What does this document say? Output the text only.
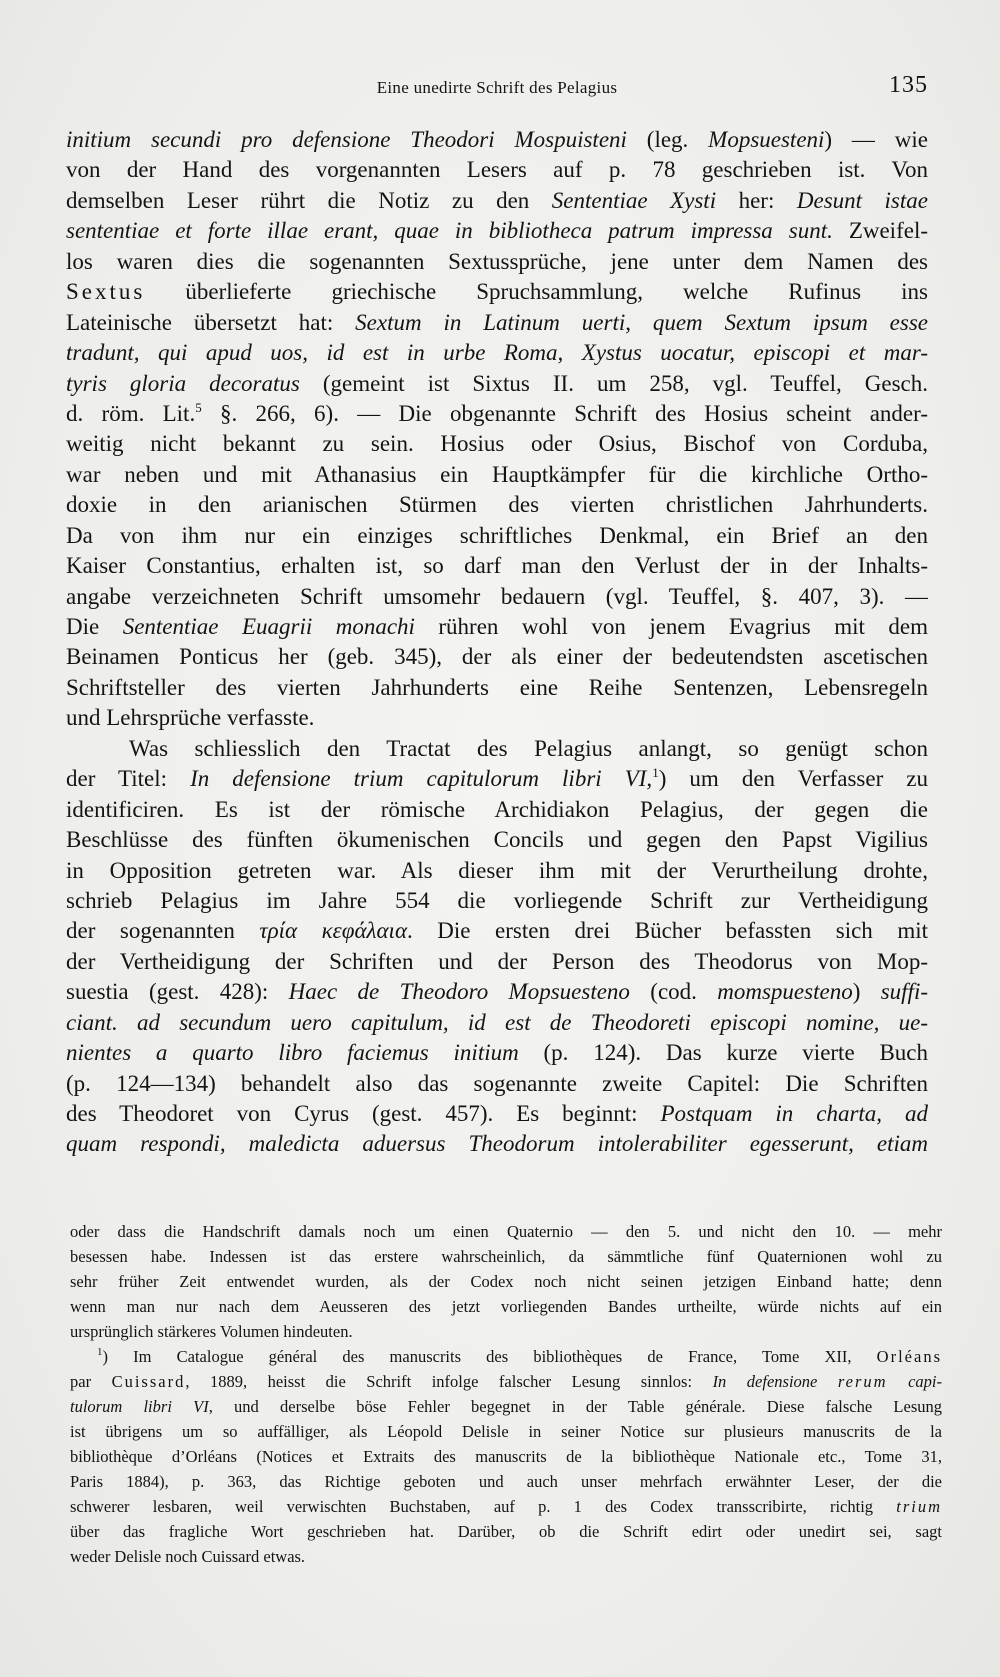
Eine unedirte Schrift des Pelagius	135
initium secundi pro defensione Theodori Mospuisteni (leg. Mopsuesteni) — wie
von der Hand des vorgenannten Lesers auf p. 78 geschrieben ist. Von
demselben Leser rührt die Notiz zu den Sententiae Xysti her: Desunt istae
sententiae et forte illae erant, quae in bibliotheca patrum impressa sunt. Zweifel-
los waren dies die sogenannten Sextussprüche, jene unter dem Namen des
Sextus überlieferte griechische Spruchsammlung, welche Rufinus ins
Lateinische übersetzt hat: Sextum in Latinum uerti, quem Sextum ipsum esse
tradunt, qui apud uos, id est in urbe Roma, Xystus uocatur, episcopi et mar-
tyris gloria decoratus (gemeint ist Sixtus II. um 258, vgl. Teuffel, Gesch.
d. röm. Lit.$^5$ §. 266, 6). — Die obgenannte Schrift des Hosius scheint ander-
weitig nicht bekannt zu sein. Hosius oder Osius, Bischof von Corduba,
war neben und mit Athanasius ein Hauptkämpfer für die kirchliche Ortho-
doxie in den arianischen Stürmen des vierten christlichen Jahrhunderts.
Da von ihm nur ein einziges schriftliches Denkmal, ein Brief an den
Kaiser Constantius, erhalten ist, so darf man den Verlust der in der Inhalts-
angabe verzeichneten Schrift umsomehr bedauern (vgl. Teuffel, §. 407, 3). —
Die Sententiae Euagrii monachi rühren wohl von jenem Evagrius mit dem
Beinamen Ponticus her (geb. 345), der als einer der bedeutendsten ascetischen
Schriftsteller des vierten Jahrhunderts eine Reihe Sentenzen, Lebensregeln
und Lehrsprüche verfasste.
Was schliesslich den Tractat des Pelagius anlangt, so genügt schon
der Titel: In defensione trium capitulorum libri VI,$^1$) um den Verfasser zu
identificiren. Es ist der römische Archidiakon Pelagius, der gegen die
Beschlüsse des fünften ökumenischen Concils und gegen den Papst Vigilius
in Opposition getreten war. Als dieser ihm mit der Verurtheilung drohte,
schrieb Pelagius im Jahre 554 die vorliegende Schrift zur Vertheidigung
der sogenannten τρία κεφάλαια. Die ersten drei Bücher befassten sich mit
der Vertheidigung der Schriften und der Person des Theodorus von Mop-
suestia (gest. 428): Haec de Theodoro Mopsuesteno (cod. momspuesteno) suffi-
ciant. ad secundum uero capitulum, id est de Theodoreti episcopi nomine, ue-
nientes a quarto libro faciemus initium (p. 124). Das kurze vierte Buch
(p. 124—134) behandelt also das sogenannte zweite Capitel: Die Schriften
des Theodoret von Cyrus (gest. 457). Es beginnt: Postquam in charta, ad
quam respondi, maledicta aduersus Theodorum intolerabiliter egesserunt, etiam
oder dass die Handschrift damals noch um einen Quaternio — den 5. und nicht den 10. — mehr
besessen habe. Indessen ist das erstere wahrscheinlich, da sämmtliche fünf Quaternionen wohl zu
sehr früher Zeit entwendet wurden, als der Codex noch nicht seinen jetzigen Einband hatte; denn
wenn man nur nach dem Aeusseren des jetzt vorliegenden Bandes urtheilte, würde nichts auf ein
ursprünglich stärkeres Volumen hindeuten.
$^1$) Im Catalogue général des manuscrits des bibliothèques de France, Tome XII, Orléans
par Cuissard, 1889, heisst die Schrift infolge falscher Lesung sinnlos: In defensione rerum capi-
tulorum libri VI, und derselbe böse Fehler begegnet in der Table générale. Diese falsche Lesung
ist übrigens um so auffälliger, als Léopold Delisle in seiner Notice sur plusieurs manuscrits de la
bibliothèque d’Orléans (Notices et Extraits des manuscrits de la bibliothèque Nationale etc., Tome 31,
Paris 1884), p. 363, das Richtige geboten und auch unser mehrfach erwähnter Leser, der die
schwerer lesbaren, weil verwischten Buchstaben, auf p. 1 des Codex transscribirte, richtig trium
über das fragliche Wort geschrieben hat. Darüber, ob die Schrift edirt oder unedirt sei, sagt
weder Delisle noch Cuissard etwas.
